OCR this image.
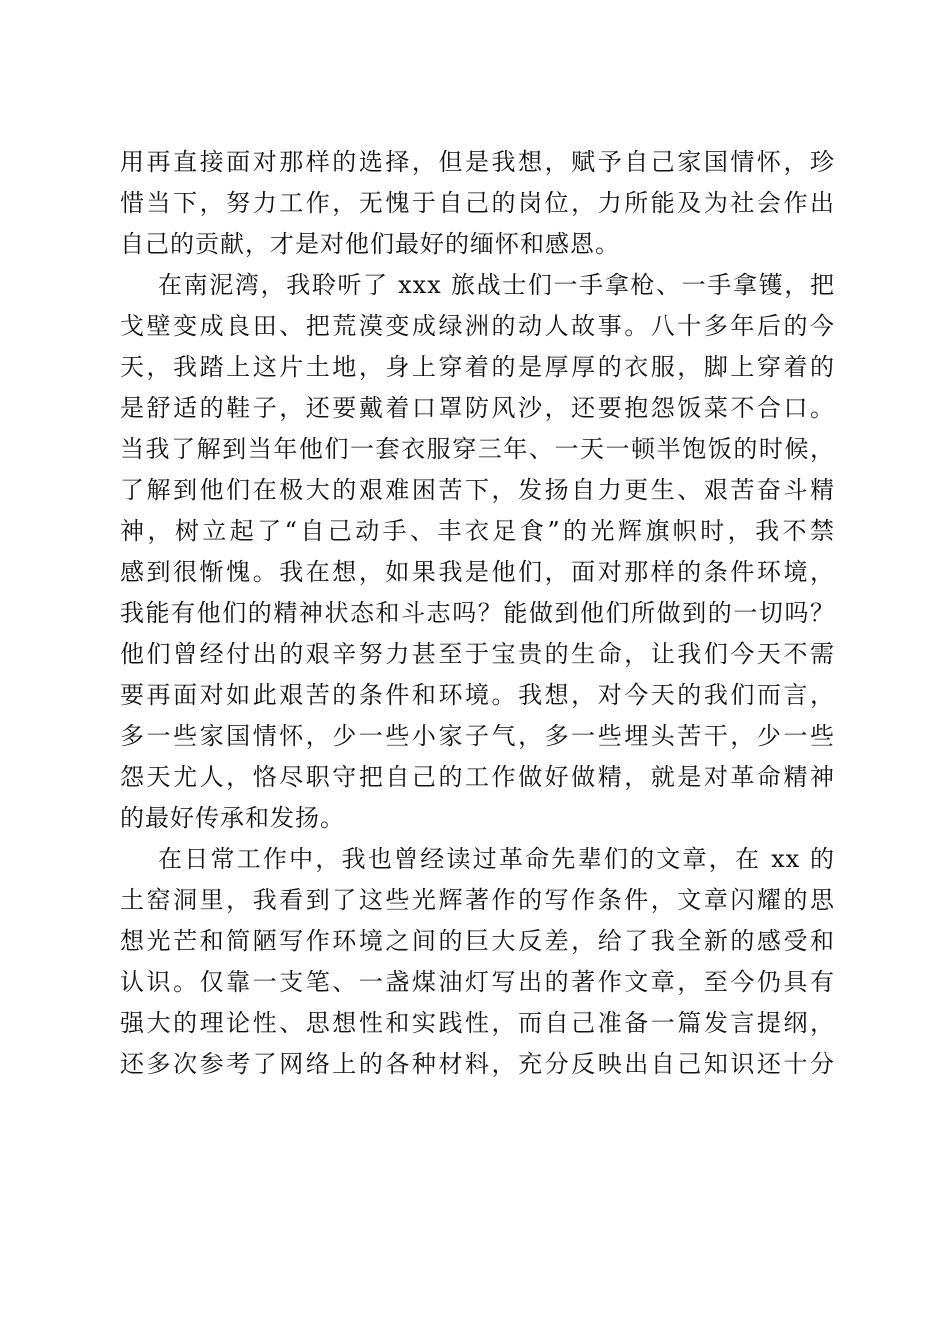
用再直接面对那样的选择，但是我想，赋予自己家国情怀，珍
惜当下，努力工作，无愧于自己的岗位，力所能及为社会作出
自己的贡献，才是对他们最好的缅怀和感恩。
在南泥湾，我聆听了 xxx 旅战士们一手拿枪、一手拿镬，把
戈壁变成良田、把荒漠变成绿洲的动人故事。八十多年后的今
天，我踏上这片土地，身上穿着的是厚厚的衣服，脚上穿着的
是舒适的鞋子，还要戴着口罩防风沙，还要抱怨饭菜不合口。
当我了解到当年他们一套衣服穿三年、一天一顿半饱饭的时候，
了解到他们在极大的艰难困苦下，发扬自力更生、艰苦奋斗精
神，树立起了“自己动手、丰衣足食”的光辉旗帜时，我不禁
感到很惭愧。我在想，如果我是他们，面对那样的条件环境，
我能有他们的精神状态和斗志吗？能做到他们所做到的一切吗？
他们曾经付出的艰辛努力甚至于宝贵的生命，让我们今天不需
要再面对如此艰苦的条件和环境。我想，对今天的我们而言，
多一些家国情怀，少一些小家子气，多一些埋头苦干，少一些
怨天尤人，恪尽职守把自己的工作做好做精，就是对革命精神
的最好传承和发扬。
在日常工作中，我也曾经读过革命先辈们的文章，在 xx 的
土窑洞里，我看到了这些光辉著作的写作条件，文章闪耀的思
想光芒和简陋写作环境之间的巨大反差，给了我全新的感受和
认识。仅靠一支笔、一盏煤油灯写出的著作文章，至今仍具有
强大的理论性、思想性和实践性，而自己准备一篇发言提纲，
还多次参考了网络上的各种材料，充分反映出自己知识还十分
